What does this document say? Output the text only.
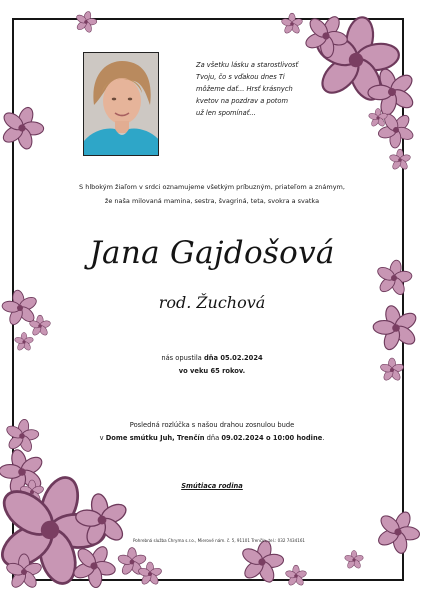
Za všetku lásku a starostlivosť
Tvoju, čo s vďakou dnes Ti
môžeme dať... Hrsť krásnych
kvetov na pozdrav a potom
už len spomínať...
S hlbokým žiaľom v srdci oznamujeme všetkým príbuzným, priateľom a známym,
že naša milovaná mamina, sestra, švagriná, teta, svokra a svatka
Jana Gajdošová
rod. Žuchová
nás opustila dňa 05.02.2024
vo veku 65 rokov.
Posledná rozlúčka s našou drahou zosnulou bude
v Dome smútku Juh, Trenčín dňa 09.02.2024 o 10:00 hodine.
Smútiaca rodina
Pohrebná služba Chryma s.r.o., Mierové nám. č. 5, 91101 Trenčín, tel.: 032 7434161
